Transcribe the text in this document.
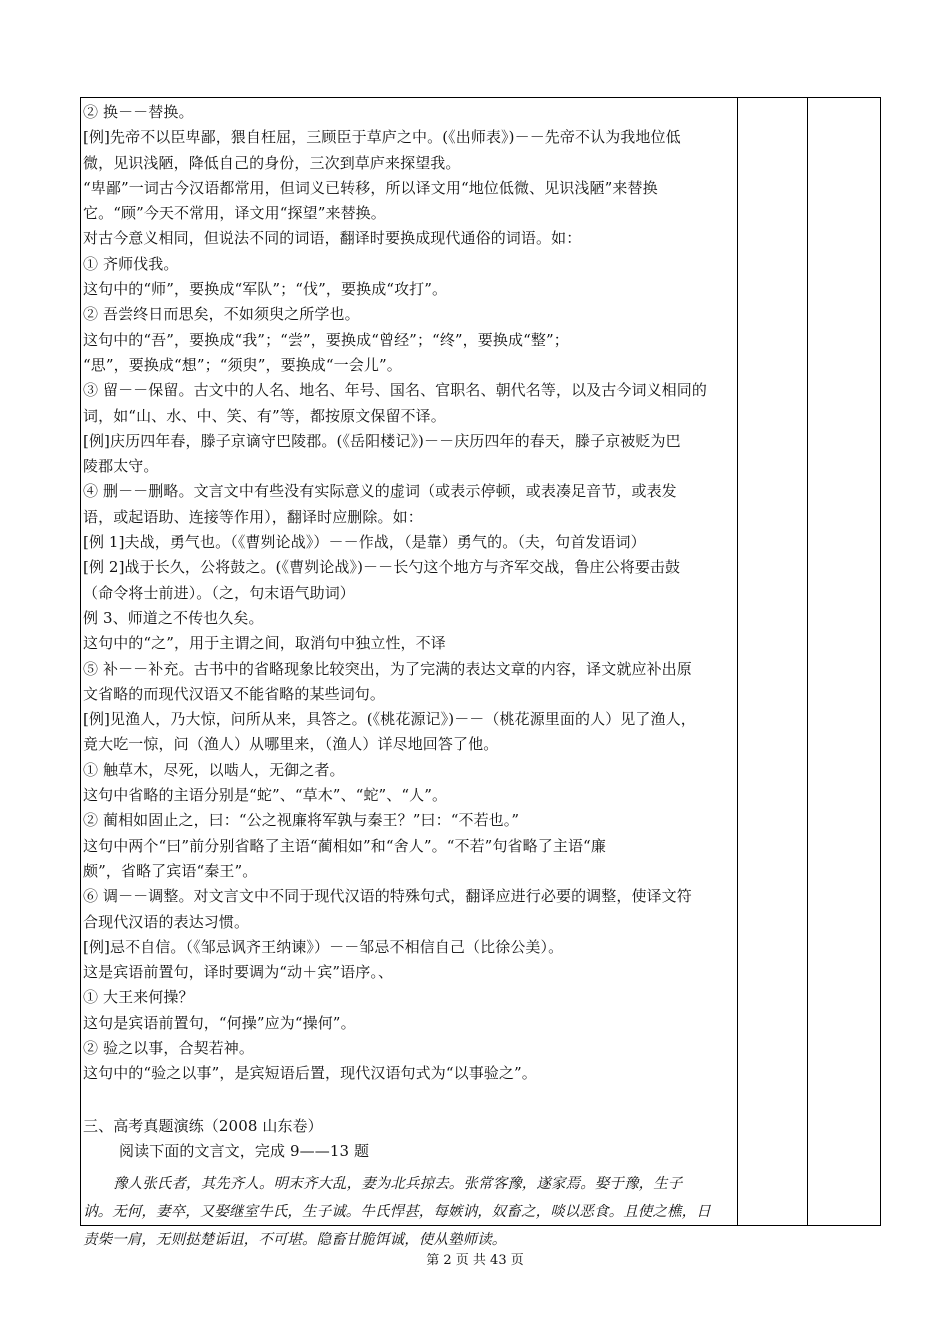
② 换－－替换。
[例]先帝不以臣卑鄙，猥自枉屈，三顾臣于草庐之中。(《出师表》)－－先帝不认为我地位低
微，见识浅陋，降低自己的身份，三次到草庐来探望我。
“卑鄙”一词古今汉语都常用，但词义已转移，所以译文用“地位低微、见识浅陋”来替换
它。“顾”今天不常用，译文用“探望”来替换。
对古今意义相同，但说法不同的词语，翻译时要换成现代通俗的词语。如：
① 齐师伐我。
这句中的“师”，要换成“军队”；“伐”，要换成“攻打”。
② 吾尝终日而思矣，不如须臾之所学也。
这句中的“吾”，要换成“我”；“尝”，要换成“曾经”；“终”，要换成“整”；
“思”，要换成“想”；“须臾”，要换成“一会儿”。
③ 留－－保留。古文中的人名、地名、年号、国名、官职名、朝代名等，以及古今词义相同的
词，如“山、水、中、笑、有”等，都按原文保留不译。
[例]庆历四年春，滕子京谪守巴陵郡。(《岳阳楼记》)－－庆历四年的春天，滕子京被贬为巴
陵郡太守。
④ 删－－删略。文言文中有些没有实际意义的虚词（或表示停顿，或表凑足音节，或表发
语，或起语助、连接等作用），翻译时应删除。如：
[例 1]夫战，勇气也。（《曹刿论战》）－－作战，（是靠）勇气的。（夫，句首发语词）
[例 2]战于长久，公将鼓之。(《曹刿论战》)－－长勺这个地方与齐军交战，鲁庄公将要击鼓
（命令将士前进）。（之，句末语气助词）
例 3、师道之不传也久矣。
这句中的“之”，用于主谓之间，取消句中独立性，不译
⑤ 补－－补充。古书中的省略现象比较突出，为了完满的表达文章的内容，译文就应补出原
文省略的而现代汉语又不能省略的某些词句。
[例]见渔人，乃大惊，问所从来，具答之。(《桃花源记》)－－（桃花源里面的人）见了渔人，
竟大吃一惊，问（渔人）从哪里来，（渔人）详尽地回答了他。
① 触草木，尽死，以啮人，无御之者。
这句中省略的主语分别是“蛇”、“草木”、“蛇”、“人”。
② 蔺相如固止之，曰：“公之视廉将军孰与秦王？”曰：“不若也。”
这句中两个“曰”前分别省略了主语“蔺相如”和“舍人”。“不若”句省略了主语“廉
颇”，省略了宾语“秦王”。
⑥ 调－－调整。对文言文中不同于现代汉语的特殊句式，翻译应进行必要的调整，使译文符
合现代汉语的表达习惯。
[例]忌不自信。（《邹忌讽齐王纳谏》）－－邹忌不相信自己（比徐公美）。
这是宾语前置句，译时要调为“动＋宾”语序。、
① 大王来何操？
这句是宾语前置句，“何操”应为“操何”。
② 验之以事，合契若神。
这句中的“验之以事”，是宾短语后置，现代汉语句式为“以事验之”。
三、高考真题演练（2008 山东卷）
阅读下面的文言文，完成 9——13 题
豫人张氏者，其先齐人。明末齐大乱，妻为北兵掠去。张常客豫，遂家焉。娶于豫，生子
讷。无何，妻卒，又娶继室牛氏，生子诚。牛氏悍甚，每嫉讷，奴畜之，啖以恶食。且使之樵，日
责柴一肩，无则挞楚诟诅，不可堪。隐畜甘脆饵诚，使从塾师读。
第 2 页 共 43 页
